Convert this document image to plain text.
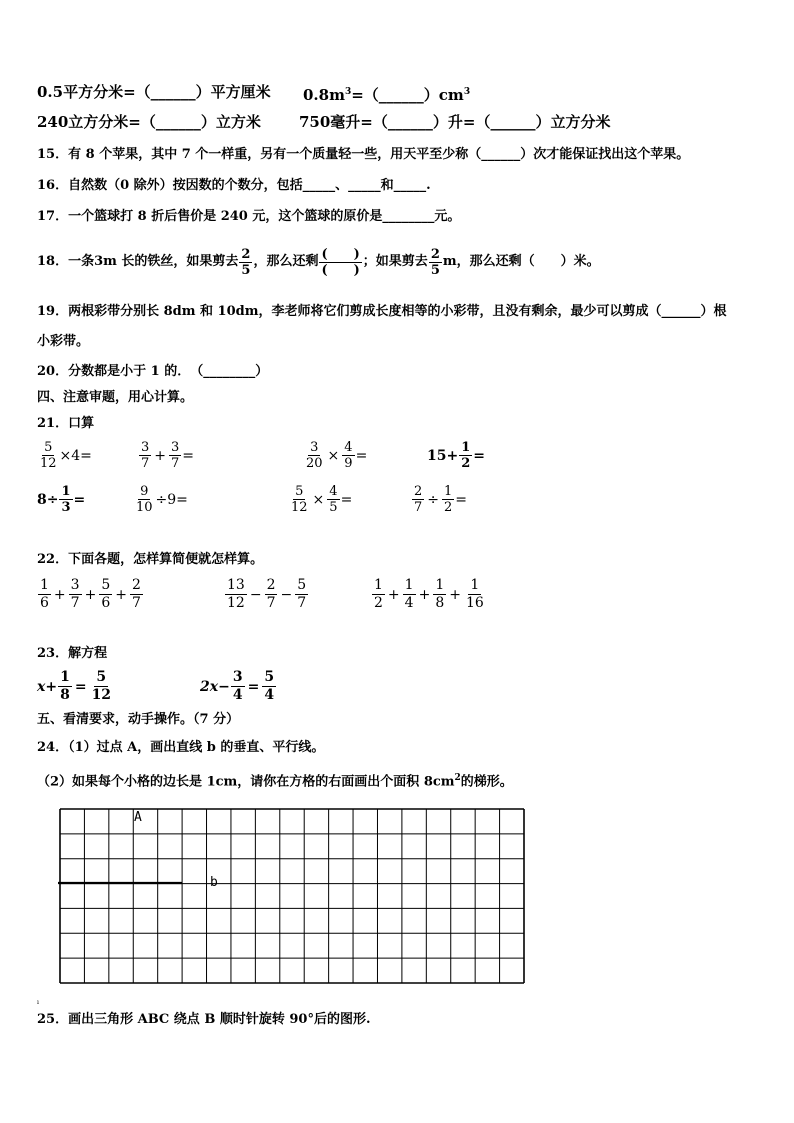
0.5平方分米=（______）平方厘米 $0.8m^3=(\_\_\_\_\_\_)cm^3$
240立方分米=（______）立方米	750毫升=（______）升=（______）立方分米
15．有 8 个苹果，其中 7 个一样重，另有一个质量轻一些，用天平至少称（______）次才能保证找出这个苹果。
16．自然数（0 除外）按因数的个数分，包括_____、_____和_____.
17．一个篮球打 8 折后售价是 240 元，这个篮球的原价是________元。
18．一条3m 长的铁丝，如果剪去 $\frac{2}{5}$ ，那么还剩 $\frac{( )}{( )}$ ；如果剪去 $\frac{2}{5}$ m ，那么还剩（　　）米。
19．两根彩带分别长 8dm 和 10dm，李老师将它们剪成长度相等的小彩带，且没有剩余，最少可以剪成（______）根
小彩带。
20．分数都是小于 1 的．　（________）
四、注意审题，用心计算。
21．口算
$\frac{5}{12} \times 4=$	$\frac{3}{7} + \frac{3}{7}$ =	$\frac{3}{20} \times \frac{4}{9}$ =	$15+ \frac{1}{2}$ =
$8\div \frac{1}{3}$ =	$\frac{9}{10} \div 9=$	$\frac{5}{12} \times \frac{4}{5}$ =	$\frac{2}{7} \div \frac{1}{2}$ =
22．下面各题，怎样算简便就怎样算。
$\frac{1}{6} + \frac{3}{7} + \frac{5}{6} + \frac{2}{7}$	$\frac{13}{12} - \frac{2}{7} - \frac{5}{7}$	$\frac{1}{2} + \frac{1}{4} + \frac{1}{8} + \frac{1}{16}$
23．解方程
$x+ \frac{1}{8} = \frac{5}{12}$	$2x- \frac{3}{4} = \frac{5}{4}$
五、看清要求，动手操作。（7 分）
24．（1）过点 A，画出直线 b 的垂直、平行线。
（2）如果每个小格的边长是 1cm，请你在方格的右面画出个面积 $8cm^2$的梯形。
A
b
ı
25．画出三角形 ABC 绕点 B 顺时针旋转 90°后的图形.
